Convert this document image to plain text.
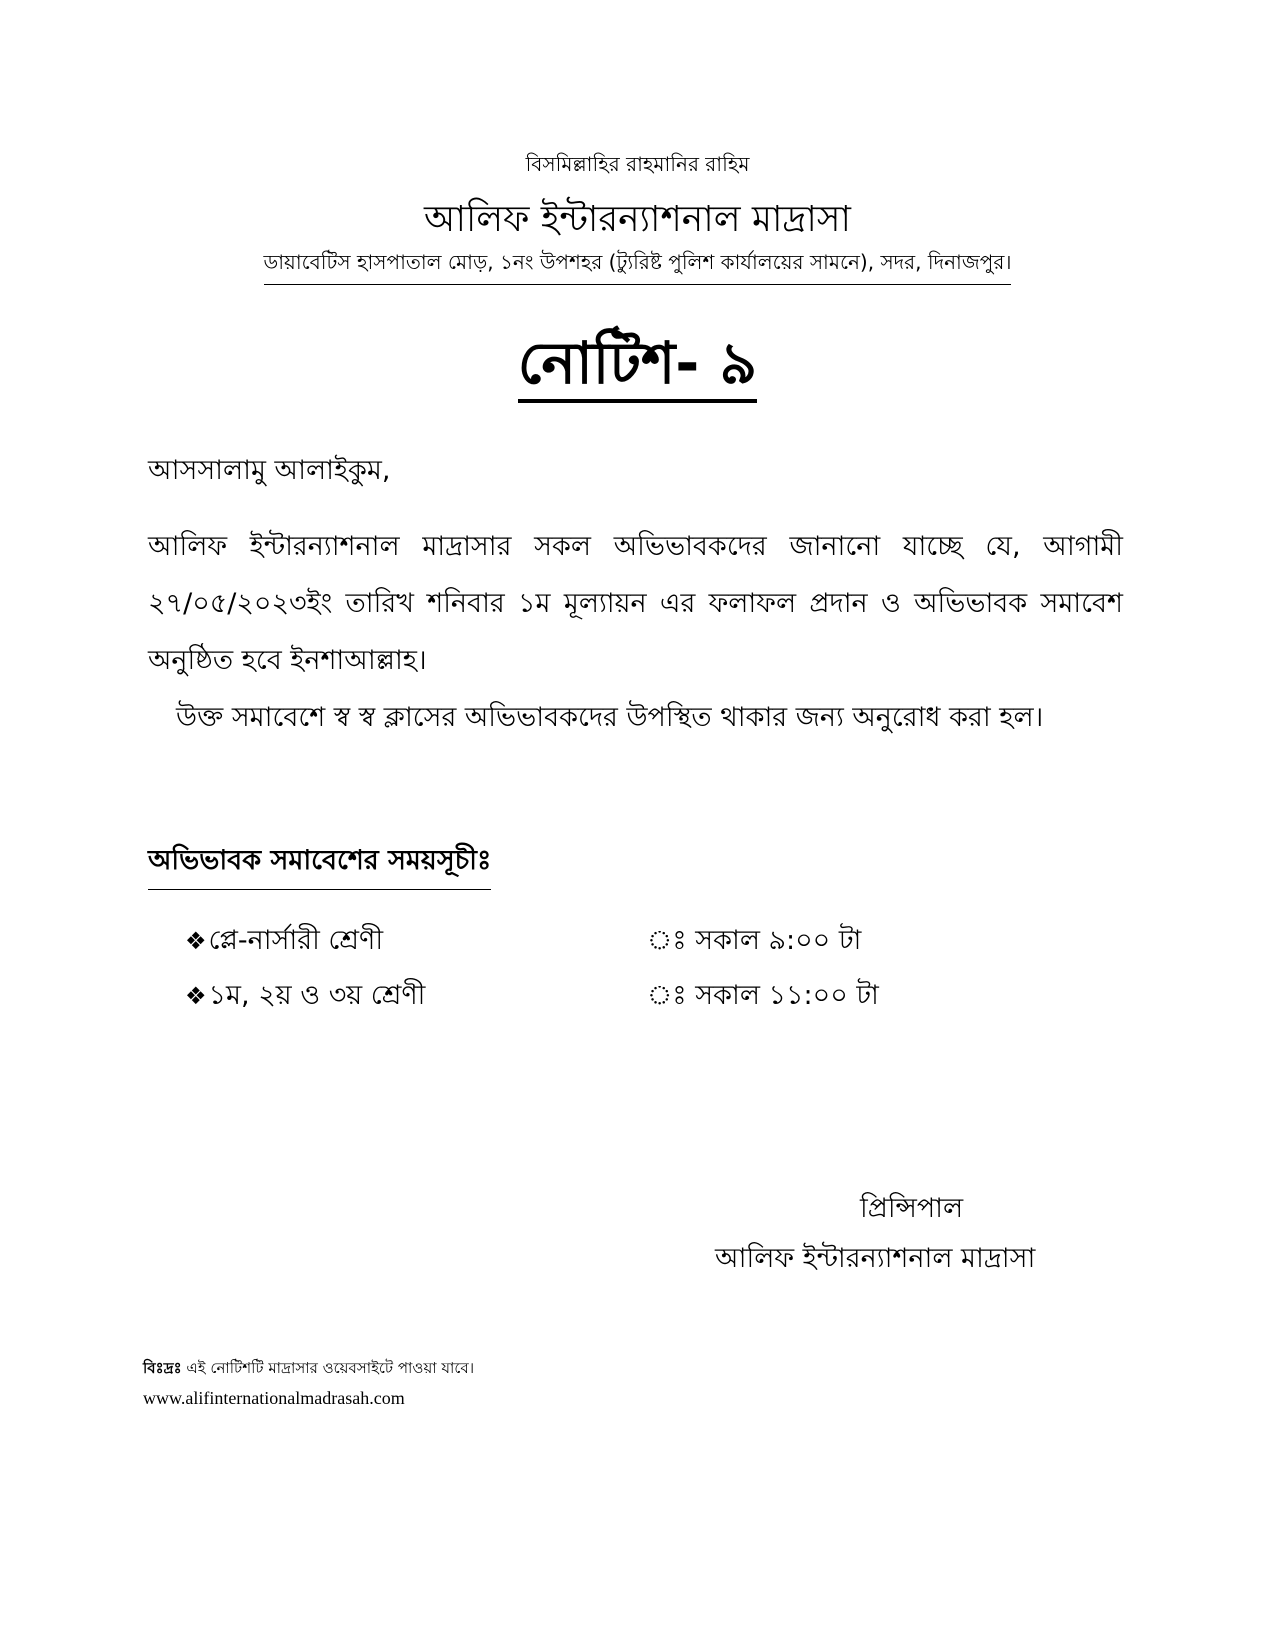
বিসমিল্লাহির রাহমানির রাহিম
আলিফ ইন্টারন্যাশনাল মাদ্রাসা
ডায়াবেটিস হাসপাতাল মোড়, ১নং উপশহর (ট্যুরিষ্ট পুলিশ কার্যালয়ের সামনে), সদর, দিনাজপুর।
নোটিশ- ৯
আসসালামু আলাইকুম,

আলিফ ইন্টারন্যাশনাল মাদ্রাসার সকল অভিভাবকদের জানানো যাচ্ছে যে, আগামী ২৭/০৫/২০২৩ইং তারিখ শনিবার ১ম মূল্যায়ন এর ফলাফল প্রদান ও অভিভাবক সমাবেশ অনুষ্ঠিত হবে ইনশাআল্লাহ।

উক্ত সমাবেশে স্ব স্ব ক্লাসের অভিভাবকদের উপস্থিত থাকার জন্য অনুরোধ করা হল।

অভিভাবক সমাবেশের সময়সূচীঃ
❖প্লে-নার্সারী শ্রেণী	ঃ সকাল ৯:০০ টা
❖১ম, ২য় ও ৩য় শ্রেণী	ঃ সকাল ১১:০০ টা
প্রিন্সিপাল
আলিফ ইন্টারন্যাশনাল মাদ্রাসা
বিঃদ্রঃ এই নোটিশটি মাদ্রাসার ওয়েবসাইটে পাওয়া যাবে।
www.alifinternationalmadrasah.com
